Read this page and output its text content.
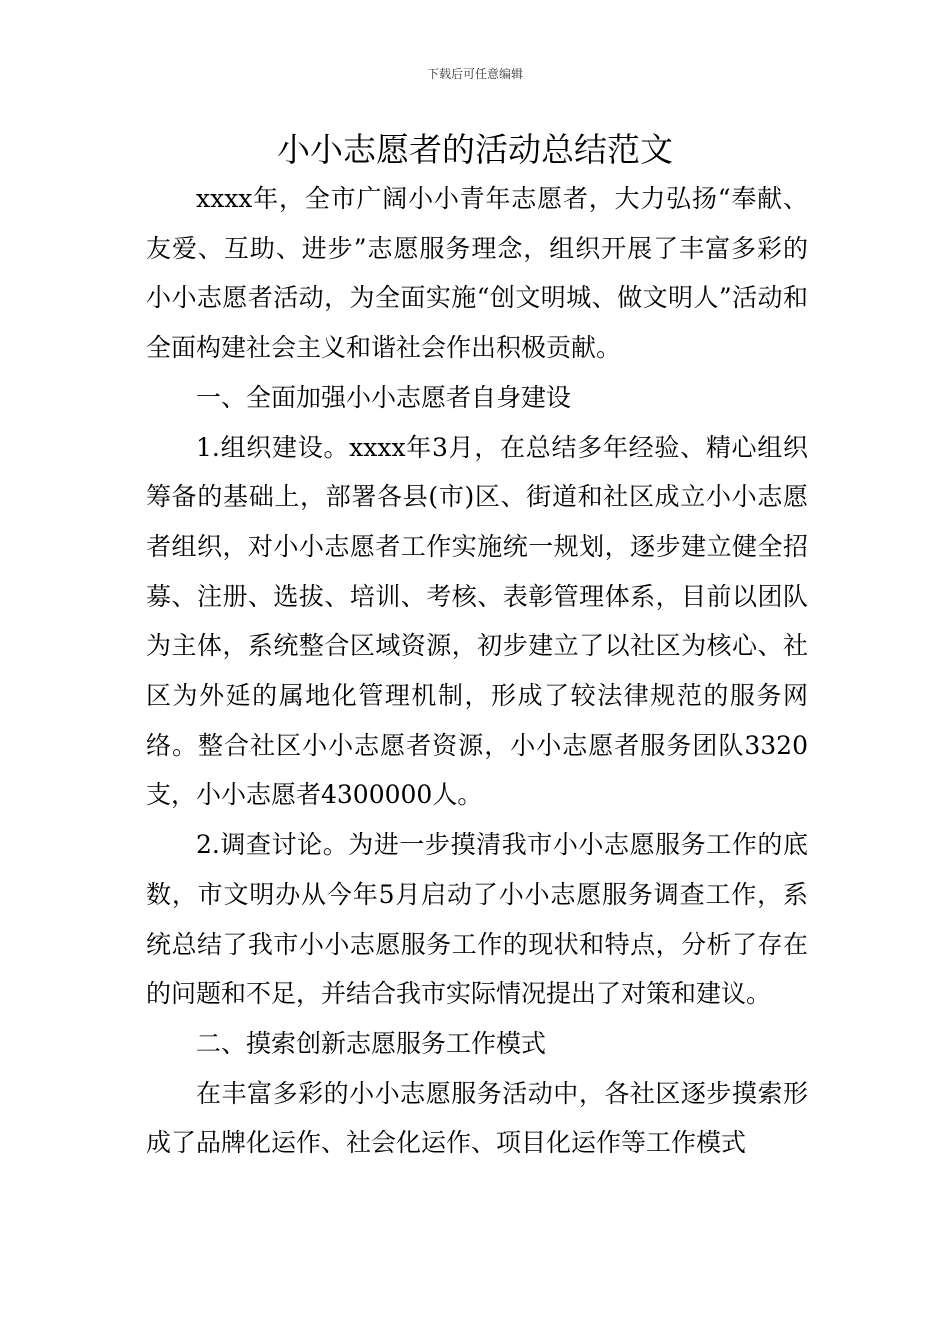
下载后可任意编辑
小小志愿者的活动总结范文

xxxx年，全市广阔小小青年志愿者，大力弘扬“奉献、友爱、互助、进步”志愿服务理念，组织开展了丰富多彩的小小志愿者活动，为全面实施“创文明城、做文明人”活动和全面构建社会主义和谐社会作出积极贡献。

一、全面加强小小志愿者自身建设

1.组织建设。xxxx年3月，在总结多年经验、精心组织筹备的基础上，部署各县(市)区、街道和社区成立小小志愿者组织，对小小志愿者工作实施统一规划，逐步建立健全招募、注册、选拔、培训、考核、表彰管理体系，目前以团队为主体，系统整合区域资源，初步建立了以社区为核心、社区为外延的属地化管理机制，形成了较法律规范的服务网络。整合社区小小志愿者资源，小小志愿者服务团队3320支，小小志愿者4300000人。

2.调查讨论。为进一步摸清我市小小志愿服务工作的底数，市文明办从今年5月启动了小小志愿服务调查工作，系统总结了我市小小志愿服务工作的现状和特点，分析了存在的问题和不足，并结合我市实际情况提出了对策和建议。

二、摸索创新志愿服务工作模式

在丰富多彩的小小志愿服务活动中，各社区逐步摸索形成了品牌化运作、社会化运作、项目化运作等工作模式
